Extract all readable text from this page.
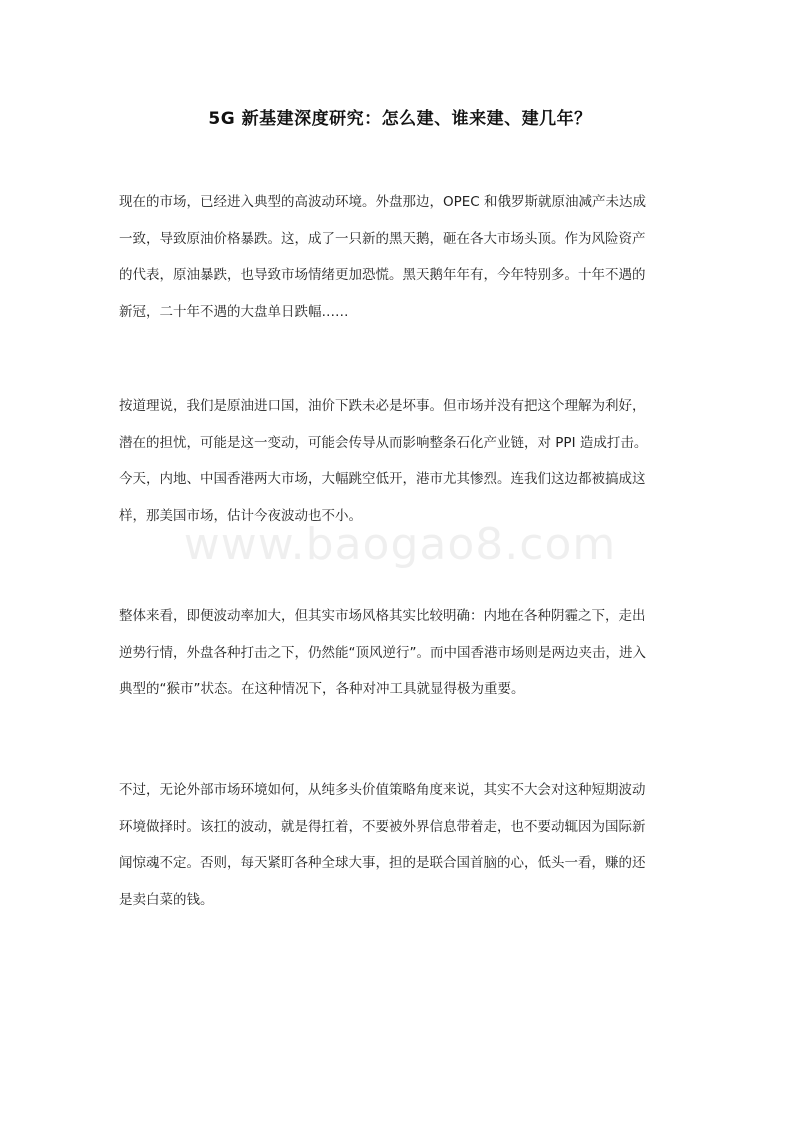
5G 新基建深度研究：怎么建、谁来建、建几年？
现在的市场，已经进入典型的高波动环境。外盘那边，OPEC 和俄罗斯就原油减产未达成
一致，导致原油价格暴跌。这，成了一只新的黑天鹅，砸在各大市场头顶。作为风险资产
的代表，原油暴跌，也导致市场情绪更加恐慌。黑天鹅年年有，今年特别多。十年不遇的
新冠，二十年不遇的大盘单日跌幅……
按道理说，我们是原油进口国，油价下跌未必是坏事。但市场并没有把这个理解为利好，
潜在的担忧，可能是这一变动，可能会传导从而影响整条石化产业链，对 PPI 造成打击。
今天，内地、中国香港两大市场，大幅跳空低开，港市尤其惨烈。连我们这边都被搞成这
样，那美国市场，估计今夜波动也不小。
整体来看，即便波动率加大，但其实市场风格其实比较明确：内地在各种阴霾之下，走出
逆势行情，外盘各种打击之下，仍然能“顶风逆行”。而中国香港市场则是两边夹击，进入
典型的“猴市”状态。在这种情况下，各种对冲工具就显得极为重要。
不过，无论外部市场环境如何，从纯多头价值策略角度来说，其实不大会对这种短期波动
环境做择时。该扛的波动，就是得扛着，不要被外界信息带着走，也不要动辄因为国际新
闻惊魂不定。否则，每天紧盯各种全球大事，担的是联合国首脑的心，低头一看，赚的还
是卖白菜的钱。
www.baogao8.com
